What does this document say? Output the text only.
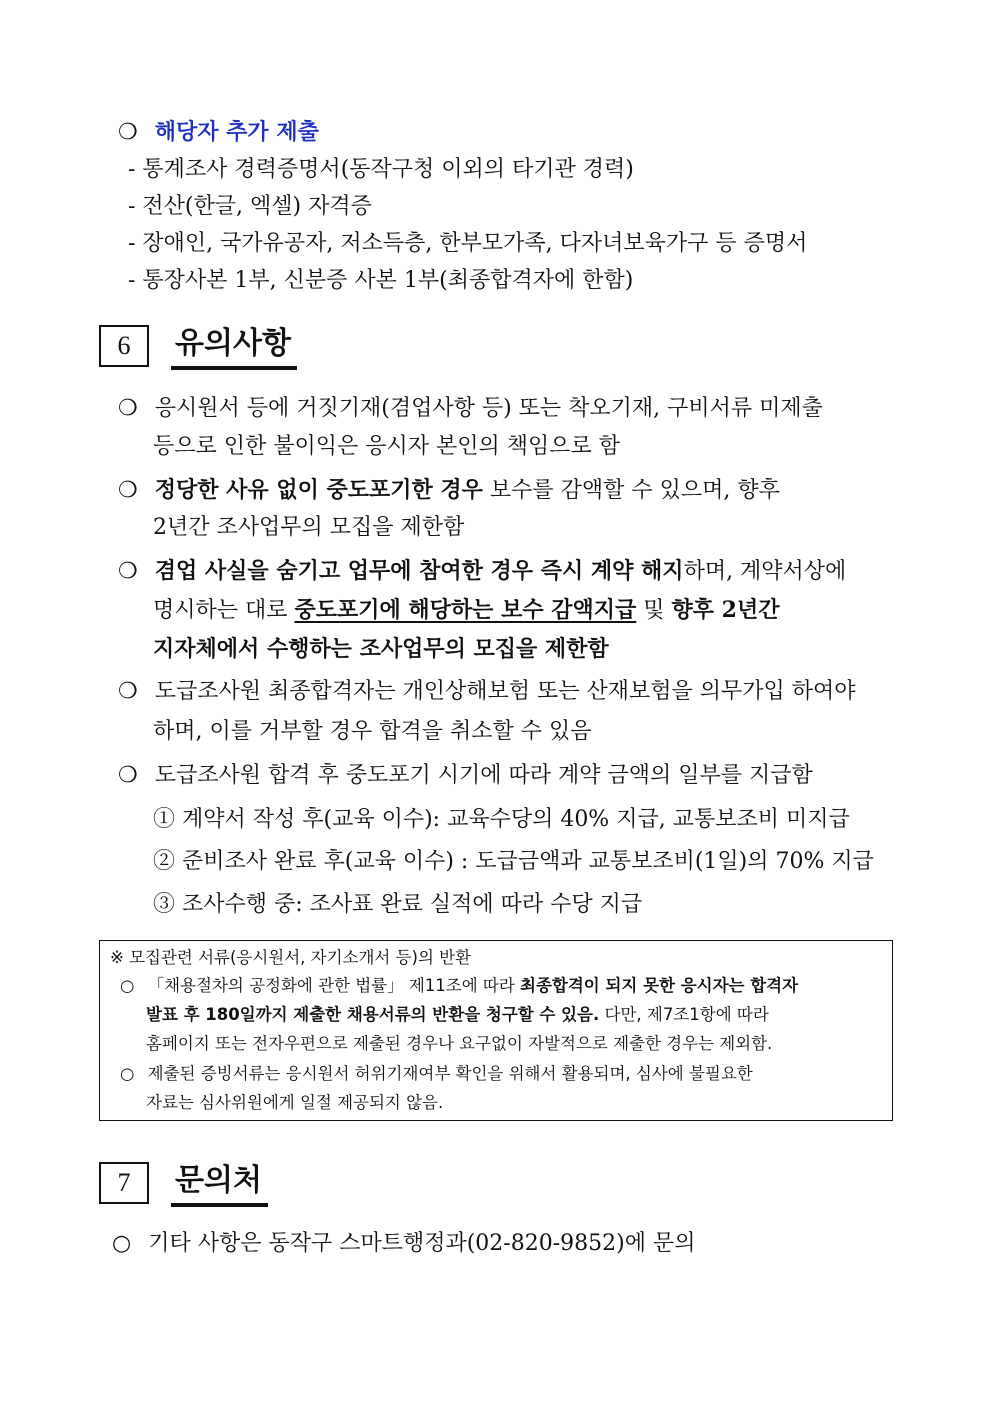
❍ 해당자 추가 제출
- 통계조사 경력증명서(동작구청 이외의 타기관 경력)
- 전산(한글, 엑셀) 자격증
- 장애인, 국가유공자, 저소득층, 한부모가족, 다자녀보육가구 등 증명서
- 통장사본 1부, 신분증 사본 1부(최종합격자에 한함)
6	유의사항
❍ 응시원서 등에 거짓기재(겸업사항 등) 또는 착오기재, 구비서류 미제출
등으로 인한 불이익은 응시자 본인의 책임으로 함
❍ 정당한 사유 없이 중도포기한 경우 보수를 감액할 수 있으며, 향후
2년간 조사업무의 모집을 제한함
❍ 겸업 사실을 숨기고 업무에 참여한 경우 즉시 계약 해지하며, 계약서상에
명시하는 대로 중도포기에 해당하는 보수 감액지급 및 향후 2년간
지자체에서 수행하는 조사업무의 모집을 제한함
❍ 도급조사원 최종합격자는 개인상해보험 또는 산재보험을 의무가입 하여야
하며, 이를 거부할 경우 합격을 취소할 수 있음
❍ 도급조사원 합격 후 중도포기 시기에 따라 계약 금액의 일부를 지급함
① 계약서 작성 후(교육 이수): 교육수당의 40% 지급, 교통보조비 미지급
② 준비조사 완료 후(교육 이수) : 도급금액과 교통보조비(1일)의 70% 지급
③ 조사수행 중: 조사표 완료 실적에 따라 수당 지급
※ 모집관련 서류(응시원서, 자기소개서 등)의 반환
○ 「채용절차의 공정화에 관한 법률」 제11조에 따라 최종합격이 되지 못한 응시자는 합격자
발표 후 180일까지 제출한 채용서류의 반환을 청구할 수 있음. 다만, 제7조1항에 따라
홈페이지 또는 전자우편으로 제출된 경우나 요구없이 자발적으로 제출한 경우는 제외함.
○ 제출된 증빙서류는 응시원서 허위기재여부 확인을 위해서 활용되며, 심사에 불필요한
자료는 심사위원에게 일절 제공되지 않음.
7	문의처
○ 기타 사항은 동작구 스마트행정과(02-820-9852)에 문의
